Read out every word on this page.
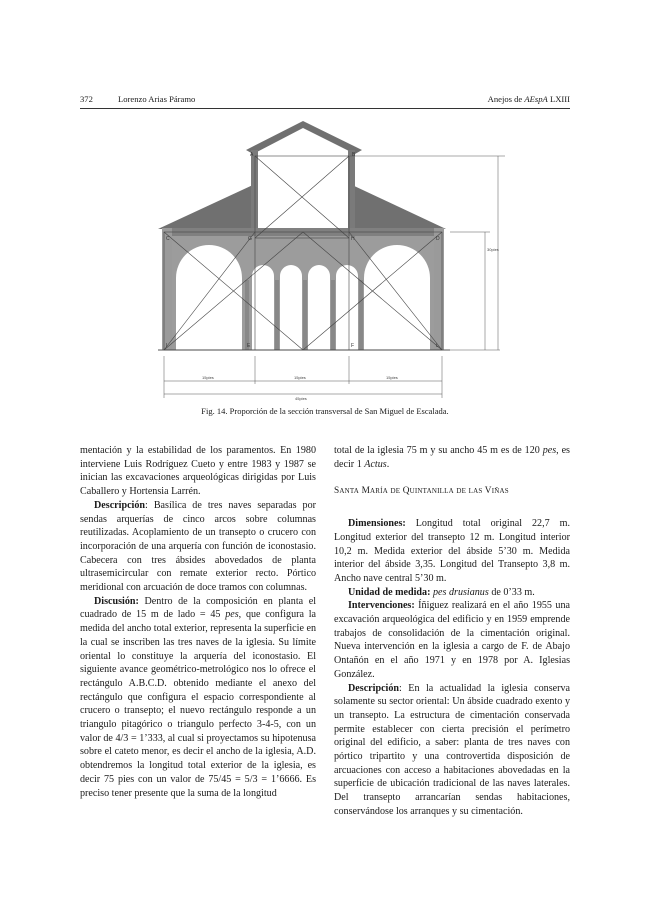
372	Lorenzo Arias Páramo	Anejos de AEspA LXIII
A	B
C	D
G	H
I	E	F	L
30pies
15pies	15pies	15pies
45pies
Fig. 14. Proporción de la sección transversal de San Miguel de Escalada.

mentación y la estabilidad de los paramentos. En 1980 interviene Luis Rodríguez Cueto y entre 1983 y 1987 se inician las excavaciones arqueológicas dirigidas por Luis Caballero y Hortensia Larrén.

Descripción: Basílica de tres naves separadas por sendas arquerías de cinco arcos sobre columnas reutilizadas. Acoplamiento de un transepto o crucero con incorporación de una arquería con función de iconostasio. Cabecera con tres ábsides abovedados de planta ultrasemicircular con remate exterior recto. Pórtico meridional con arcuación de doce tramos con columnas.

Discusión: Dentro de la composición en planta el cuadrado de 15 m de lado = 45 pes, que configura la medida del ancho total exterior, representa la superficie en la cual se inscriben las tres naves de la iglesia. Su límite oriental lo constituye la arquería del iconostasio. El siguiente avance geométrico-metrológico nos lo ofrece el rectángulo A.B.C.D. obtenido mediante el anexo del rectángulo que configura el espacio correspondiente al crucero o transepto; el nuevo rectángulo responde a un triangulo pitagórico o triangulo perfecto 3-4-5, con un valor de 4/3 = 1’333, al cual si proyectamos su hipotenusa sobre el cateto menor, es decir el ancho de la iglesia, A.D. obtendremos la longitud total exterior de la iglesia, es decir 75 pies con un valor de 75/45 = 5/3 = 1’6666. Es preciso tener presente que la suma de la longitud

total de la iglesia 75 m y su ancho 45 m es de 120 pes, es decir 1 Actus.

Santa María de Quintanilla de las Viñas

Dimensiones: Longitud total original 22,7 m. Longitud exterior del transepto 12 m. Longitud interior 10,2 m. Medida exterior del ábside 5’30 m. Medida interior del ábside 3,35. Longitud del Transepto 3,8 m. Ancho nave central 5’30 m.

Unidad de medida: pes drusianus de 0’33 m.

Intervenciones: Íñiguez realizará en el año 1955 una excavación arqueológica del edificio y en 1959 emprende trabajos de consolidación de la cimentación original. Nueva intervención en la iglesia a cargo de F. de Abajo Ontañón en el año 1971 y en 1978 por A. Iglesias González.

Descripción: En la actualidad la iglesia conserva solamente su sector oriental: Un ábside cuadrado exento y un transepto. La estructura de cimentación conservada permite establecer con cierta precisión el perímetro original del edificio, a saber: planta de tres naves con pórtico tripartito y una controvertida disposición de arcuaciones con acceso a habitaciones abovedadas en la superficie de ubicación tradicional de las naves laterales. Del transepto arrancarían sendas habitaciones, conservándose los arranques y su cimentación.
